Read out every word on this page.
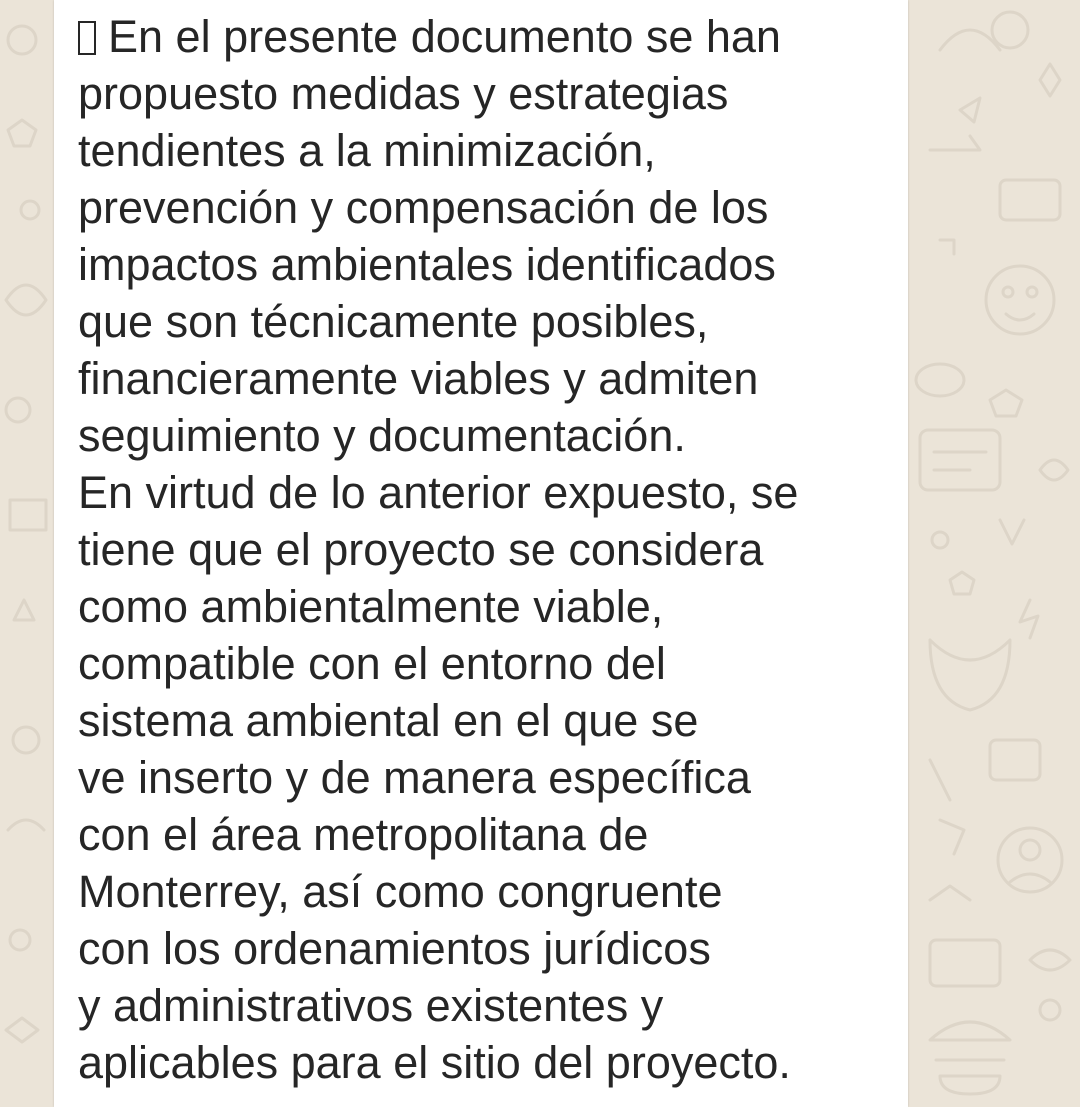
En el presente documento se han
propuesto medidas y estrategias
tendientes a la minimización,
prevención y compensación de los
impactos ambientales identificados
que son técnicamente posibles,
financieramente viables y admiten
seguimiento y documentación.
En virtud de lo anterior expuesto, se
tiene que el proyecto se considera
como ambientalmente viable,
compatible con el entorno del
sistema ambiental en el que se
ve inserto y de manera específica
con el área metropolitana de
Monterrey, así como congruente
con los ordenamientos jurídicos
y administrativos existentes y
aplicables para el sitio del proyecto.
